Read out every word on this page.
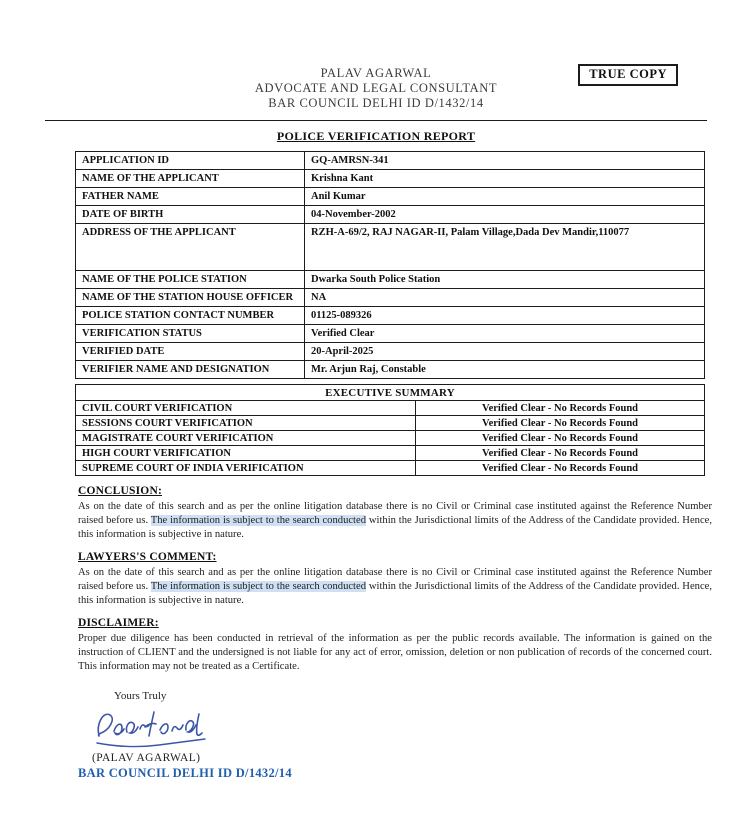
PALAV AGARWAL
ADVOCATE AND LEGAL CONSULTANT
BAR COUNCIL DELHI ID D/1432/14
TRUE COPY
POLICE VERIFICATION REPORT
APPLICATION ID	GQ-AMRSN-341
NAME OF THE APPLICANT	Krishna Kant
FATHER NAME	Anil Kumar
DATE OF BIRTH	04-November-2002
ADDRESS OF THE APPLICANT	RZH-A-69/2, RAJ NAGAR-II, Palam Village,Dada Dev Mandir,110077
NAME OF THE POLICE STATION	Dwarka South Police Station
NAME OF THE STATION HOUSE OFFICER	NA
POLICE STATION CONTACT NUMBER	01125-089326
VERIFICATION STATUS	Verified Clear
VERIFIED DATE	20-April-2025
VERIFIER NAME AND DESIGNATION	Mr. Arjun Raj, Constable
EXECUTIVE SUMMARY	
CIVIL COURT VERIFICATION	Verified Clear - No Records Found
SESSIONS COURT VERIFICATION	Verified Clear - No Records Found
MAGISTRATE COURT VERIFICATION	Verified Clear - No Records Found
HIGH COURT VERIFICATION	Verified Clear - No Records Found
SUPREME COURT OF INDIA VERIFICATION	Verified Clear - No Records Found
CONCLUSION:

As on the date of this search and as per the online litigation database there is no Civil or Criminal case instituted against the Reference Number raised before us. The information is subject to the search conducted within the Jurisdictional limits of the Address of the Candidate provided. Hence, this information is subjective in nature.

LAWYERS'S COMMENT:

As on the date of this search and as per the online litigation database there is no Civil or Criminal case instituted against the Reference Number raised before us. The information is subject to the search conducted within the Jurisdictional limits of the Address of the Candidate provided. Hence, this information is subjective in nature.

DISCLAIMER:

Proper due diligence has been conducted in retrieval of the information as per the public records available. The information is gained on the instruction of CLIENT and the undersigned is not liable for any act of error, omission, deletion or non publication of records of the concerned court. This information may not be treated as a Certificate.

Yours Truly
(PALAV AGARWAL)
BAR COUNCIL DELHI ID D/1432/14
